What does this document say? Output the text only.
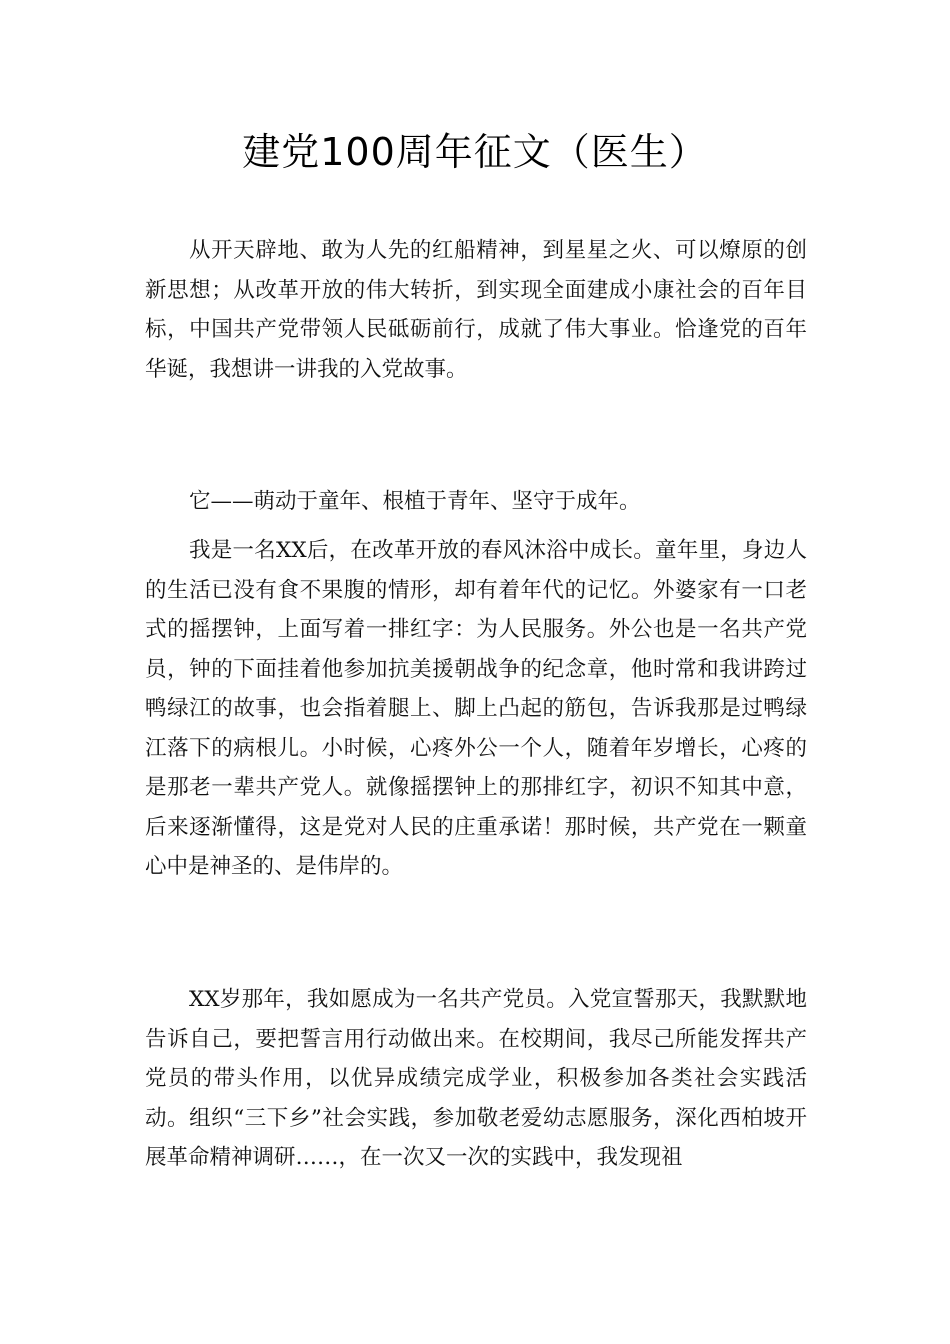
建党100周年征文（医生）

从开天辟地、敢为人先的红船精神，到星星之火、可以燎原的创新思想；从改革开放的伟大转折，到实现全面建成小康社会的百年目标，中国共产党带领人民砥砺前行，成就了伟大事业。恰逢党的百年华诞，我想讲一讲我的入党故事。

它——萌动于童年、根植于青年、坚守于成年。

我是一名XX后，在改革开放的春风沐浴中成长。童年里，身边人的生活已没有食不果腹的情形，却有着年代的记忆。外婆家有一口老式的摇摆钟，上面写着一排红字：为人民服务。外公也是一名共产党员，钟的下面挂着他参加抗美援朝战争的纪念章，他时常和我讲跨过鸭绿江的故事，也会指着腿上、脚上凸起的筋包，告诉我那是过鸭绿江落下的病根儿。小时候，心疼外公一个人，随着年岁增长，心疼的是那老一辈共产党人。就像摇摆钟上的那排红字，初识不知其中意，后来逐渐懂得，这是党对人民的庄重承诺！那时候，共产党在一颗童心中是神圣的、是伟岸的。

XX岁那年，我如愿成为一名共产党员。入党宣誓那天，我默默地告诉自己，要把誓言用行动做出来。在校期间，我尽己所能发挥共产党员的带头作用，以优异成绩完成学业，积极参加各类社会实践活动。组织“三下乡”社会实践，参加敬老爱幼志愿服务，深化西柏坡开展革命精神调研……，在一次又一次的实践中，我发现祖
